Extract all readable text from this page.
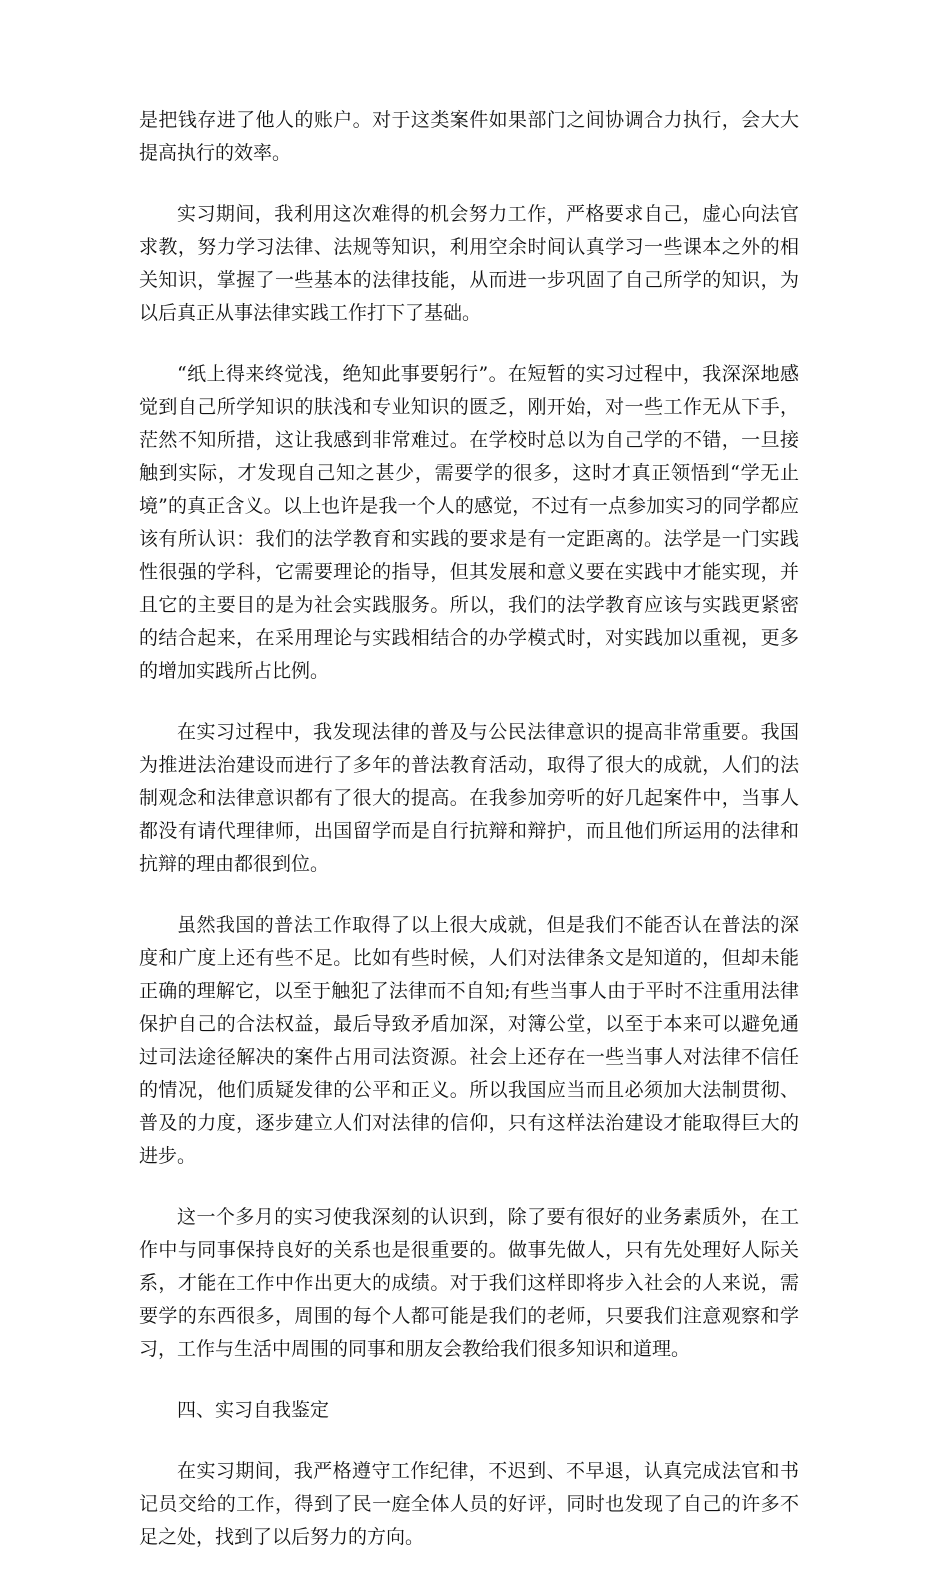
是把钱存进了他人的账户。对于这类案件如果部门之间协调合力执行，会大大提高执行的效率。

实习期间，我利用这次难得的机会努力工作，严格要求自己，虚心向法官求教，努力学习法律、法规等知识，利用空余时间认真学习一些课本之外的相关知识，掌握了一些基本的法律技能，从而进一步巩固了自己所学的知识，为以后真正从事法律实践工作打下了基础。

“纸上得来终觉浅，绝知此事要躬行”。在短暂的实习过程中，我深深地感觉到自己所学知识的肤浅和专业知识的匮乏，刚开始，对一些工作无从下手，茫然不知所措，这让我感到非常难过。在学校时总以为自己学的不错，一旦接触到实际，才发现自己知之甚少，需要学的很多，这时才真正领悟到“学无止境”的真正含义。以上也许是我一个人的感觉，不过有一点参加实习的同学都应该有所认识：我们的法学教育和实践的要求是有一定距离的。法学是一门实践性很强的学科，它需要理论的指导，但其发展和意义要在实践中才能实现，并且它的主要目的是为社会实践服务。所以，我们的法学教育应该与实践更紧密的结合起来，在采用理论与实践相结合的办学模式时，对实践加以重视，更多的增加实践所占比例。

在实习过程中，我发现法律的普及与公民法律意识的提高非常重要。我国为推进法治建设而进行了多年的普法教育活动，取得了很大的成就，人们的法制观念和法律意识都有了很大的提高。在我参加旁听的好几起案件中，当事人都没有请代理律师，出国留学而是自行抗辩和辩护，而且他们所运用的法律和抗辩的理由都很到位。

虽然我国的普法工作取得了以上很大成就，但是我们不能否认在普法的深度和广度上还有些不足。比如有些时候，人们对法律条文是知道的，但却未能正确的理解它，以至于触犯了法律而不自知;有些当事人由于平时不注重用法律保护自己的合法权益，最后导致矛盾加深，对簿公堂，以至于本来可以避免通过司法途径解决的案件占用司法资源。社会上还存在一些当事人对法律不信任的情况，他们质疑发律的公平和正义。所以我国应当而且必须加大法制贯彻、普及的力度，逐步建立人们对法律的信仰，只有这样法治建设才能取得巨大的进步。

这一个多月的实习使我深刻的认识到，除了要有很好的业务素质外，在工作中与同事保持良好的关系也是很重要的。做事先做人，只有先处理好人际关系，才能在工作中作出更大的成绩。对于我们这样即将步入社会的人来说，需要学的东西很多，周围的每个人都可能是我们的老师，只要我们注意观察和学习，工作与生活中周围的同事和朋友会教给我们很多知识和道理。

四、实习自我鉴定

在实习期间，我严格遵守工作纪律，不迟到、不早退，认真完成法官和书记员交给的工作，得到了民一庭全体人员的好评，同时也发现了自己的许多不足之处，找到了以后努力的方向。
